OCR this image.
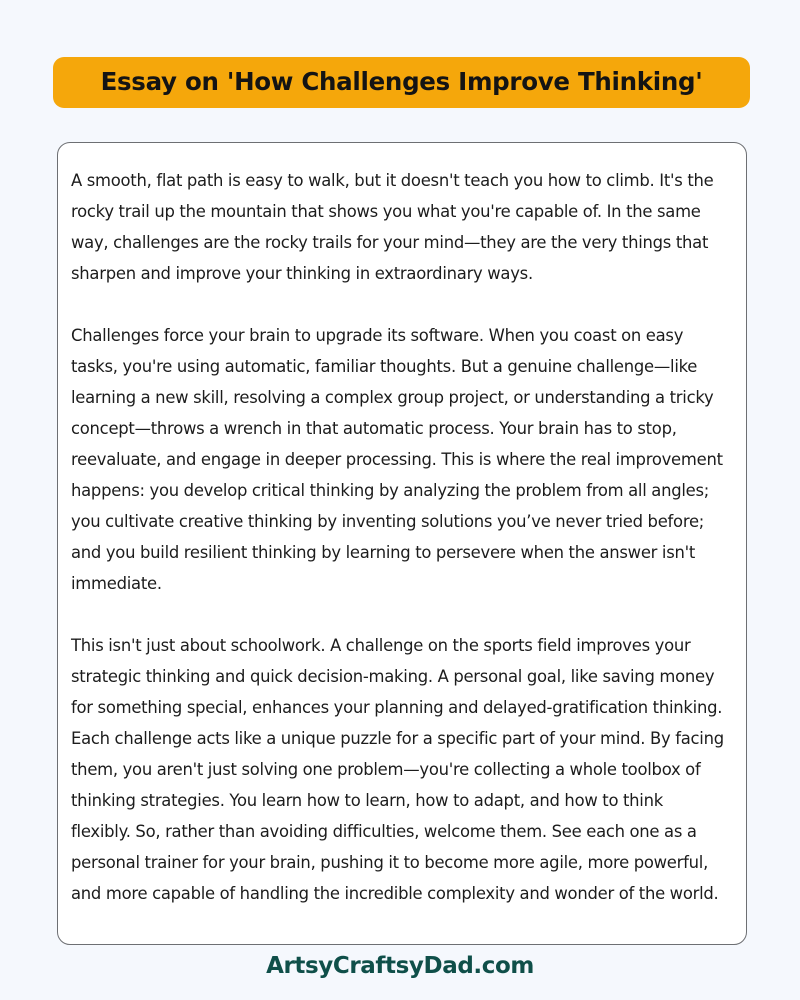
Essay on 'How Challenges Improve Thinking'

A smooth, flat path is easy to walk, but it doesn't teach you how to climb. It's the rocky trail up the mountain that shows you what you're capable of. In the same way, challenges are the rocky trails for your mind—they are the very things that sharpen and improve your thinking in extraordinary ways.

Challenges force your brain to upgrade its software. When you coast on easy tasks, you're using automatic, familiar thoughts. But a genuine challenge—like learning a new skill, resolving a complex group project, or understanding a tricky concept—throws a wrench in that automatic process. Your brain has to stop, reevaluate, and engage in deeper processing. This is where the real improvement happens: you develop critical thinking by analyzing the problem from all angles; you cultivate creative thinking by inventing solutions you’ve never tried before; and you build resilient thinking by learning to persevere when the answer isn't immediate.

This isn't just about schoolwork. A challenge on the sports field improves your strategic thinking and quick decision-making. A personal goal, like saving money for something special, enhances your planning and delayed-gratification thinking. Each challenge acts like a unique puzzle for a specific part of your mind. By facing them, you aren't just solving one problem—you're collecting a whole toolbox of thinking strategies. You learn how to learn, how to adapt, and how to think flexibly. So, rather than avoiding difficulties, welcome them. See each one as a personal trainer for your brain, pushing it to become more agile, more powerful, and more capable of handling the incredible complexity and wonder of the world.

ArtsyCraftsyDad.com
